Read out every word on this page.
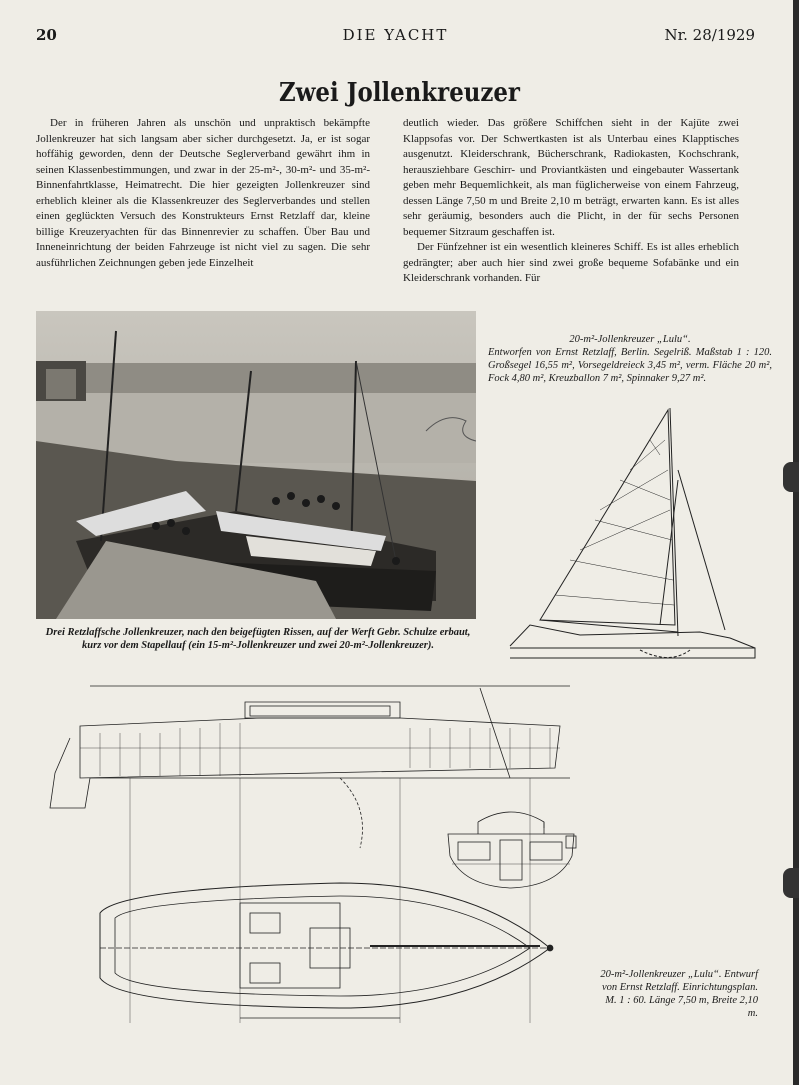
20	DIE YACHT	Nr. 28/1929
Zwei Jollenkreuzer

Der in früheren Jahren als unschön und unpraktisch bekämpfte Jollenkreuzer hat sich langsam aber sicher durchgesetzt. Ja, er ist sogar hoffähig geworden, denn der Deutsche Seglerverband gewährt ihm in seinen Klassenbestimmungen, und zwar in der 25-m²-, 30-m²- und 35-m²-Binnenfahrtklasse, Heimatrecht. Die hier gezeigten Jollenkreuzer sind erheblich kleiner als die Klassenkreuzer des Seglerverbandes und stellen einen geglückten Versuch des Konstrukteurs Ernst Retzlaff dar, kleine billige Kreuzeryachten für das Binnenrevier zu schaffen. Über Bau und Inneneinrichtung der beiden Fahrzeuge ist nicht viel zu sagen. Die sehr ausführlichen Zeichnungen geben jede Einzelheit

deutlich wieder. Das größere Schiffchen sieht in der Kajüte zwei Klappsofas vor. Der Schwertkasten ist als Unterbau eines Klapptisches ausgenutzt. Kleiderschrank, Bücherschrank, Radiokasten, Kochschrank, herausziehbare Geschirr- und Proviantkästen und eingebauter Wassertank geben mehr Bequemlichkeit, als man füglicherweise von einem Fahrzeug, dessen Länge 7,50 m und Breite 2,10 m beträgt, erwarten kann. Es ist alles sehr geräumig, besonders auch die Plicht, in der für sechs Personen bequemer Sitzraum geschaffen ist.

Der Fünfzehner ist ein wesentlich kleineres Schiff. Es ist alles erheblich gedrängter; aber auch hier sind zwei große bequeme Sofabänke und ein Kleiderschrank vorhanden. Für

Drei Retzlaffsche Jollenkreuzer, nach den beigefügten Rissen, auf der Werft Gebr. Schulze erbaut, kurz vor dem Stapellauf (ein 15-m²-Jollenkreuzer und zwei 20-m²-Jollenkreuzer).
20-m²-Jollenkreuzer „Lulu“.
Entworfen von Ernst Retzlaff, Berlin. Segelriß. Maßstab 1 : 120. Großsegel 16,55 m², Vorsegeldreieck 3,45 m², verm. Fläche 20 m², Fock 4,80 m², Kreuzballon 7 m², Spinnaker 9,27 m².
20-m²-Jollenkreuzer „Lulu“. Entwurf von Ernst Retzlaff. Einrichtungsplan. M. 1 : 60. Länge 7,50 m, Breite 2,10 m.
